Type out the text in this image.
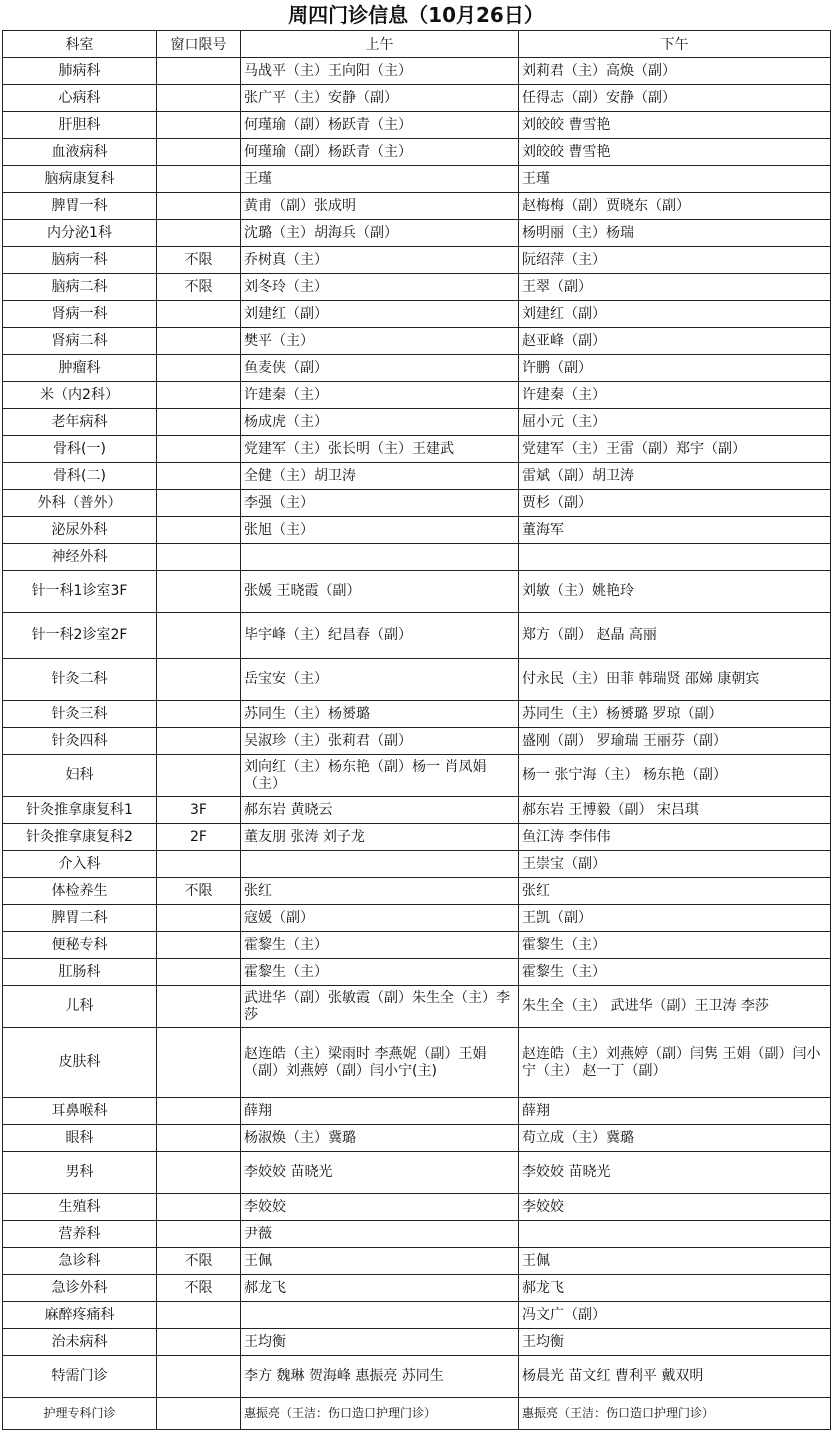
周四门诊信息（10月26日）
科室	窗口限号	上午	下午
肺病科		马战平（主）王向阳（主）	刘莉君（主）高焕（副）
心病科		张广平（主）安静（副）	任得志（副）安静（副）
肝胆科		何瑾瑜（副）杨跃青（主）	刘皎皎 曹雪艳
血液病科		何瑾瑜（副）杨跃青（主）	刘皎皎 曹雪艳
脑病康复科		王瑾	王瑾
脾胃一科		黄甫（副）张成明	赵梅梅（副）贾晓东（副）
内分泌1科		沈璐（主）胡海兵（副）	杨明丽（主）杨瑞
脑病一科	不限	乔树真（主）	阮绍萍（主）
脑病二科	不限	刘冬玲（主）	王翠（副）
肾病一科		刘建红（副）	刘建红（副）
肾病二科		樊平（主）	赵亚峰（副）
肿瘤科		鱼麦侠（副）	许鹏（副）
米（内2科）		许建秦（主）	许建秦（主）
老年病科		杨成虎（主）	屈小元（主）
骨科(一)		党建军（主）张长明（主）王建武	党建军（主）王雷（副）郑宇（副）
骨科(二)		全健（主）胡卫涛	雷斌（副）胡卫涛
外科（普外）		李强（主）	贾杉（副）
泌尿外科		张旭（主）	董海军
神经外科			
针一科1诊室3F		张媛 王晓霞（副）	刘敏（主）姚艳玲
针一科2诊室2F		毕宇峰（主）纪昌春（副）	郑方（副） 赵晶 高丽
针灸二科		岳宝安（主）	付永民（主）田菲 韩瑞贤 邵娣 康朝宾
针灸三科		苏同生（主）杨赟璐	苏同生（主）杨赟璐 罗琼（副）
针灸四科		吴淑珍（主）张莉君（副）	盛刚（副） 罗瑜瑞 王丽芬（副）
妇科		刘向红（主）杨东艳（副）杨一 肖凤娟（主）	杨一 张宁海（主） 杨东艳（副）
针灸推拿康复科1	3F	郝东岩 黄晓云	郝东岩 王博毅（副） 宋吕琪
针灸推拿康复科2	2F	董友朋 张涛 刘子龙	鱼江涛 李伟伟
介入科			王崇宝（副）
体检养生	不限	张红	张红
脾胃二科		寇媛（副）	王凯（副）
便秘专科		霍黎生（主）	霍黎生（主）
肛肠科		霍黎生（主）	霍黎生（主）
儿科		武进华（副）张敏霞（副）朱生全（主）李莎	朱生全（主） 武进华（副）王卫涛 李莎
皮肤科		赵连皓（主）梁雨时 李燕妮（副）王娟（副）刘燕婷（副）闫小宁(主)	赵连皓（主）刘燕婷（副）闫隽 王娟（副）闫小宁（主） 赵一丁（副）
耳鼻喉科		薛翔	薛翔
眼科		杨淑焕（主）冀璐	苟立成（主）冀璐
男科		李姣姣 苗晓光	李姣姣 苗晓光
生殖科		李姣姣	李姣姣
营养科		尹薇	
急诊科	不限	王佩	王佩
急诊外科	不限	郝龙飞	郝龙飞
麻醉疼痛科			冯文广（副）
治未病科		王均衡	王均衡
特需门诊		李方 魏琳 贺海峰 惠振亮 苏同生	杨晨光 苗文红 曹利平 戴双明
护理专科门诊		惠振亮（王洁：伤口造口护理门诊）	惠振亮（王洁：伤口造口护理门诊）
